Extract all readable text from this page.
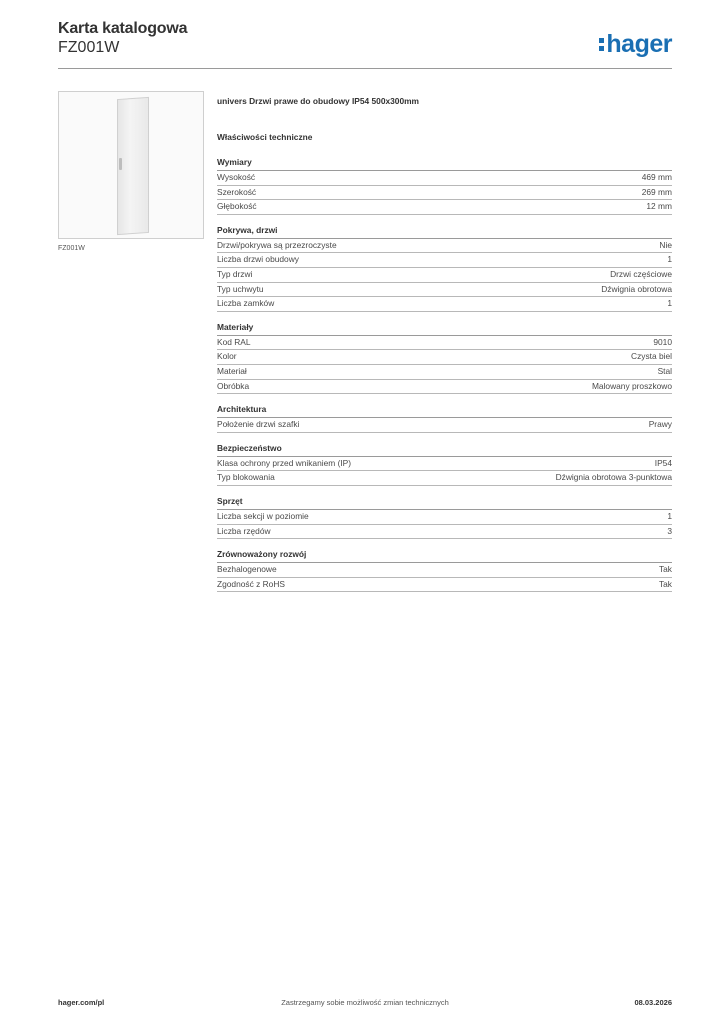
Karta katalogowa
FZ001W	hager
FZ001W
univers Drzwi prawe do obudowy IP54 500x300mm
Właściwości techniczne
Wymiary
Wysokość	469 mm
Szerokość	269 mm
Głębokość	12 mm
Pokrywa, drzwi
Drzwi/pokrywa są przezroczyste	Nie
Liczba drzwi obudowy	1
Typ drzwi	Drzwi częściowe
Typ uchwytu	Dźwignia obrotowa
Liczba zamków	1
Materiały
Kod RAL	9010
Kolor	Czysta biel
Materiał	Stal
Obróbka	Malowany proszkowo
Architektura
Położenie drzwi szafki	Prawy
Bezpieczeństwo
Klasa ochrony przed wnikaniem (IP)	IP54
Typ blokowania	Dźwignia obrotowa 3-punktowa
Sprzęt
Liczba sekcji w poziomie	1
Liczba rzędów	3
Zrównoważony rozwój
Bezhalogenowe	Tak
Zgodność z RoHS	Tak
hager.com/pl	Zastrzegamy sobie możliwość zmian technicznych	08.03.2026
